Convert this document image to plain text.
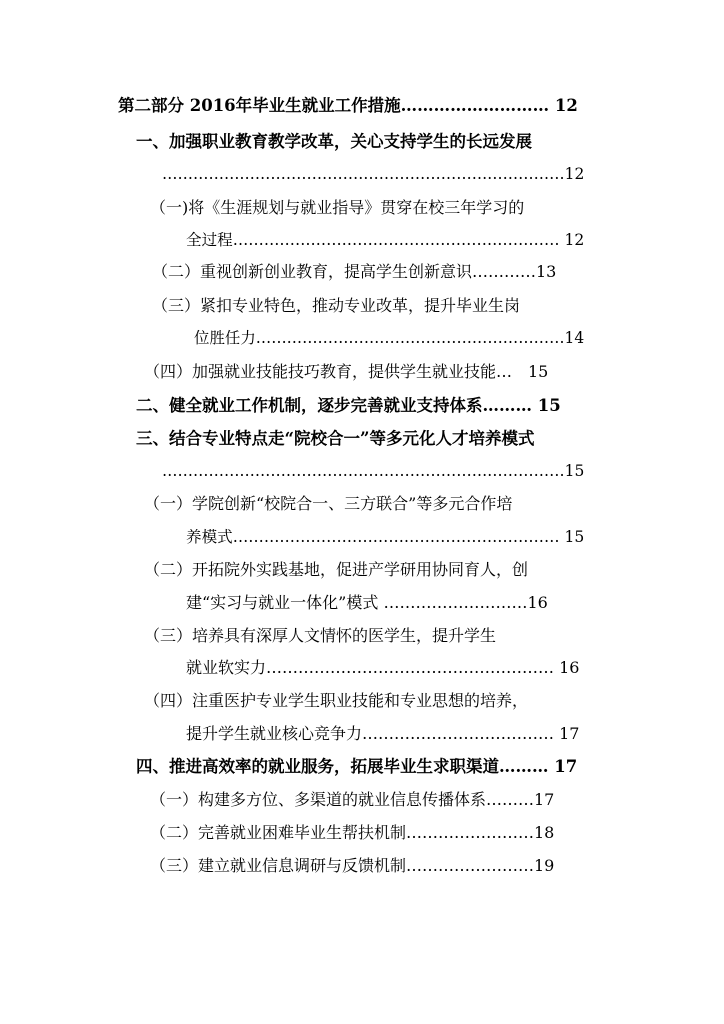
第二部分 2016年毕业生就业工作措施……………………… 12
一、加强职业教育教学改革，关心支持学生的长远发展
……………………………………………………………………12
（一)将《生涯规划与就业指导》贯穿在校三年学习的
全过程……………………………………………………… 12
（二）重视创新创业教育，提高学生创新意识…………13
（三）紧扣专业特色，推动专业改革，提升毕业生岗
位胜任力……………………………………………………14
（四）加强就业技能技巧教育，提供学生就业技能…　15
二、健全就业工作机制，逐步完善就业支持体系……… 15
三、结合专业特点走“院校合一”等多元化人才培养模式
……………………………………………………………………15
（一）学院创新“校院合一、三方联合”等多元合作培
养模式……………………………………………………… 15
（二）开拓院外实践基地，促进产学研用协同育人，创
建“实习与就业一体化”模式 ………………………16
（三）培养具有深厚人文情怀的医学生，提升学生
就业软实力……………………………………………… 16
（四）注重医护专业学生职业技能和专业思想的培养，
提升学生就业核心竞争力……………………………… 17
四、推进高效率的就业服务，拓展毕业生求职渠道……… 17
（一）构建多方位、多渠道的就业信息传播体系………17
（二）完善就业困难毕业生帮扶机制……………………18
（三）建立就业信息调研与反馈机制……………………19
